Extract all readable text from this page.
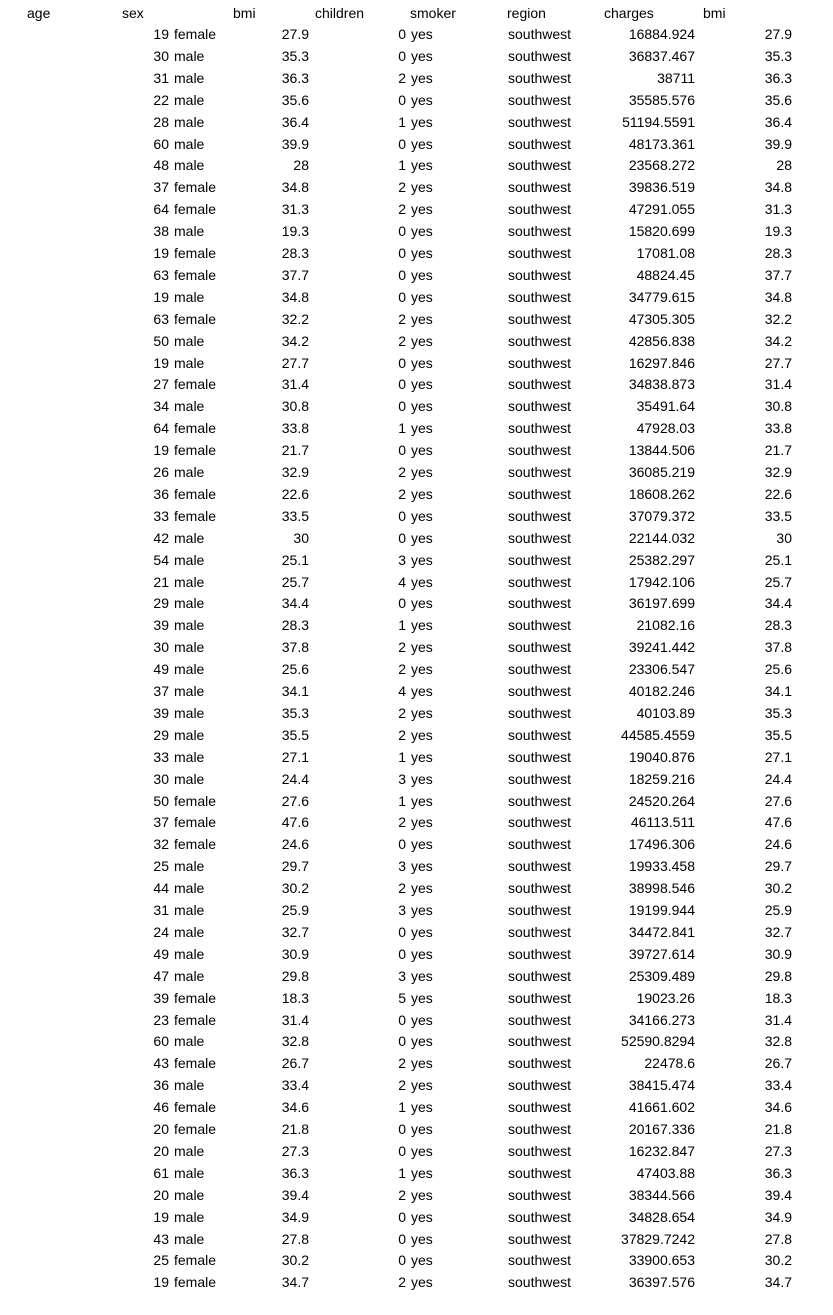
age	sex	bmi	children	smoker	region	charges	bmi
19 female	27.9	0 yes	southwest	16884.924	27.9
30 male	35.3	0 yes	southwest	36837.467	35.3
31 male	36.3	2 yes	southwest	38711	36.3
22 male	35.6	0 yes	southwest	35585.576	35.6
28 male	36.4	1 yes	southwest	51194.5591	36.4
60 male	39.9	0 yes	southwest	48173.361	39.9
48 male	28	1 yes	southwest	23568.272	28
37 female	34.8	2 yes	southwest	39836.519	34.8
64 female	31.3	2 yes	southwest	47291.055	31.3
38 male	19.3	0 yes	southwest	15820.699	19.3
19 female	28.3	0 yes	southwest	17081.08	28.3
63 female	37.7	0 yes	southwest	48824.45	37.7
19 male	34.8	0 yes	southwest	34779.615	34.8
63 female	32.2	2 yes	southwest	47305.305	32.2
50 male	34.2	2 yes	southwest	42856.838	34.2
19 male	27.7	0 yes	southwest	16297.846	27.7
27 female	31.4	0 yes	southwest	34838.873	31.4
34 male	30.8	0 yes	southwest	35491.64	30.8
64 female	33.8	1 yes	southwest	47928.03	33.8
19 female	21.7	0 yes	southwest	13844.506	21.7
26 male	32.9	2 yes	southwest	36085.219	32.9
36 female	22.6	2 yes	southwest	18608.262	22.6
33 female	33.5	0 yes	southwest	37079.372	33.5
42 male	30	0 yes	southwest	22144.032	30
54 male	25.1	3 yes	southwest	25382.297	25.1
21 male	25.7	4 yes	southwest	17942.106	25.7
29 male	34.4	0 yes	southwest	36197.699	34.4
39 male	28.3	1 yes	southwest	21082.16	28.3
30 male	37.8	2 yes	southwest	39241.442	37.8
49 male	25.6	2 yes	southwest	23306.547	25.6
37 male	34.1	4 yes	southwest	40182.246	34.1
39 male	35.3	2 yes	southwest	40103.89	35.3
29 male	35.5	2 yes	southwest	44585.4559	35.5
33 male	27.1	1 yes	southwest	19040.876	27.1
30 male	24.4	3 yes	southwest	18259.216	24.4
50 female	27.6	1 yes	southwest	24520.264	27.6
37 female	47.6	2 yes	southwest	46113.511	47.6
32 female	24.6	0 yes	southwest	17496.306	24.6
25 male	29.7	3 yes	southwest	19933.458	29.7
44 male	30.2	2 yes	southwest	38998.546	30.2
31 male	25.9	3 yes	southwest	19199.944	25.9
24 male	32.7	0 yes	southwest	34472.841	32.7
49 male	30.9	0 yes	southwest	39727.614	30.9
47 male	29.8	3 yes	southwest	25309.489	29.8
39 female	18.3	5 yes	southwest	19023.26	18.3
23 female	31.4	0 yes	southwest	34166.273	31.4
60 male	32.8	0 yes	southwest	52590.8294	32.8
43 female	26.7	2 yes	southwest	22478.6	26.7
36 male	33.4	2 yes	southwest	38415.474	33.4
46 female	34.6	1 yes	southwest	41661.602	34.6
20 female	21.8	0 yes	southwest	20167.336	21.8
20 male	27.3	0 yes	southwest	16232.847	27.3
61 male	36.3	1 yes	southwest	47403.88	36.3
20 male	39.4	2 yes	southwest	38344.566	39.4
19 male	34.9	0 yes	southwest	34828.654	34.9
43 male	27.8	0 yes	southwest	37829.7242	27.8
25 female	30.2	0 yes	southwest	33900.653	30.2
19 female	34.7	2 yes	southwest	36397.576	34.7
